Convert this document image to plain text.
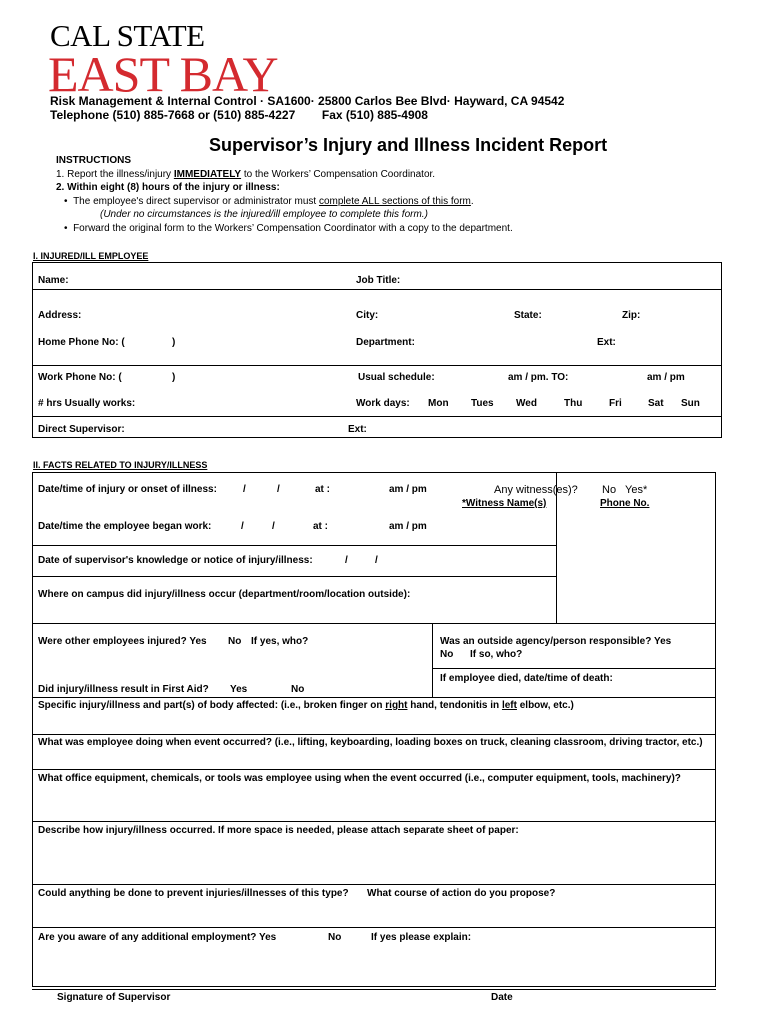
CAL STATE
EAST BAY
Risk Management & Internal Control · SA1600· 25800 Carlos Bee Blvd· Hayward, CA 94542
Telephone (510) 885-7668 or (510) 885-4227        Fax (510) 885-4908
Supervisor’s Injury and Illness Incident Report
INSTRUCTIONS
1. Report the illness/injury IMMEDIATELY to the Workers’ Compensation Coordinator.
2. Within eight (8) hours of the injury or illness:
•  The employee's direct supervisor or administrator must complete ALL sections of this form.
(Under no circumstances is the injured/ill employee to complete this form.)
•  Forward the original form to the Workers’ Compensation Coordinator with a copy to the department.
I. INJURED/ILL EMPLOYEE
Name:	Job Title:
Address:	City:	State:	Zip:
Home Phone No: (	)	Department:	Ext:
Work Phone No: (	)	Usual schedule:	am / pm. TO:	am / pm
# hrs Usually works:	Work days: Mon Tues Wed	Thu	Fri	Sat Sun
Direct Supervisor:	Ext:
II. FACTS RELATED TO INJURY/ILLNESS
Date/time of injury or onset of illness:	/	/	at :	am / pm	Any witness(es)? No   Yes*
*Witness Name(s)	Phone No.
Date/time the employee began work:	/	/	at :	am / pm
Date of supervisor's knowledge or notice of injury/illness:	/	/
Where on campus did injury/illness occur (department/room/location outside):
Were other employees injured? Yes No If yes, who?	Was an outside agency/person responsible? Yes
No If so, who?
If employee died, date/time of death:
Did injury/illness result in First Aid? Yes	No
Specific injury/illness and part(s) of body affected: (i.e., broken finger on right hand, tendonitis in left elbow, etc.)
What was employee doing when event occurred? (i.e., lifting, keyboarding, loading boxes on truck, cleaning classroom, driving tractor, etc.)
What office equipment, chemicals, or tools was employee using when the event occurred (i.e., computer equipment, tools, machinery)?
Describe how injury/illness occurred. If more space is needed, please attach separate sheet of paper:
Could anything be done to prevent injuries/illnesses of this type? What course of action do you propose?
Are you aware of any additional employment? Yes	No	If yes please explain:
Signature of Supervisor	Date
